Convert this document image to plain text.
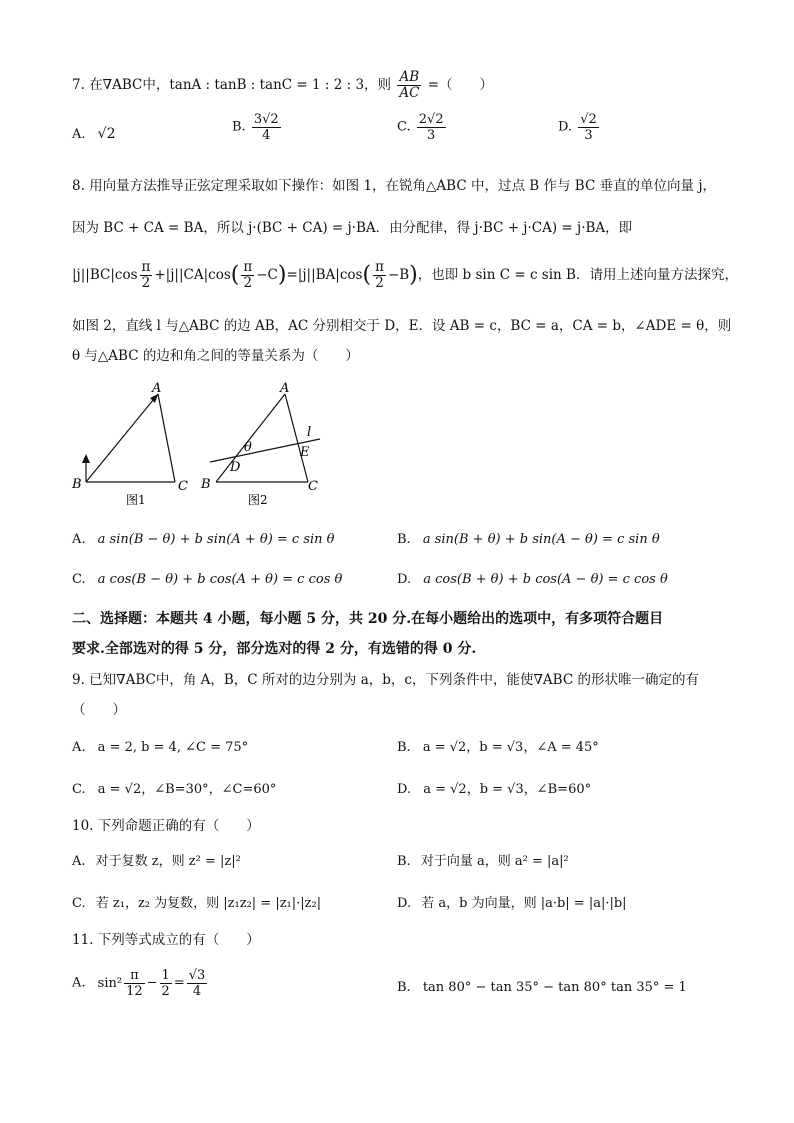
7. 在∇ABC中，tanA : tanB : tanC = 1 : 2 : 3，则 $\frac{AB}{AC}$ =（　　）
A. √2	B. $\frac{3√2}{4}$	C. $\frac{2√2}{3}$	D. $\frac{√2}{3}$
8. 用向量方法推导正弦定理采取如下操作：如图 1，在锐角△ABC 中，过点 B 作与 BC 垂直的单位向量 j，
因为 BC + CA = BA，所以 j·(BC + CA) = j·BA．由分配律，得 j·BC + j·CA) = j·BA，即
$|j||BC|\cos \frac{\pi}{2} +|j||CA|\cos( \frac{\pi}{2} -C)=|j||BA|\cos( \frac{\pi}{2} -B)$，也即 b sin C = c sin B．请用上述向量方法探究，
如图 2，直线 l 与△ABC 的边 AB，AC 分别相交于 D，E．设 AB = c，BC = a，CA = b，∠ADE = θ，则
θ 与△ABC 的边和角之间的等量关系为（　　）
A
B	C
图1
A
B	C
D
E
l
θ
图2
A. a sin(B − θ) + b sin(A + θ) = c sin θ	B. a sin(B + θ) + b sin(A − θ) = c sin θ
C. a cos(B − θ) + b cos(A + θ) = c cos θ	D. a cos(B + θ) + b cos(A − θ) = c cos θ
二、选择题：本题共 4 小题，每小题 5 分，共 20 分.在每小题给出的选项中，有多项符合题目
要求.全部选对的得 5 分，部分选对的得 2 分，有选错的得 0 分.
9. 已知∇ABC中，角 A，B，C 所对的边分别为 a，b，c，下列条件中，能使∇ABC 的形状唯一确定的有
（　　）
A. a = 2, b = 4, ∠C = 75°	B. a = √2，b = √3，∠A = 45°
C. a = √2，∠B=30°，∠C=60°	D. a = √2，b = √3，∠B=60°
10. 下列命题正确的有（　　）
A. 对于复数 z，则 z² = |z|²	B. 对于向量 a，则 a² = |a|²
C. 若 z₁，z₂ 为复数，则 |z₁z₂| = |z₁|·|z₂|	D. 若 a，b 为向量，则 |a·b| = |a|·|b|
11. 下列等式成立的有（　　）
A. $\sin^2 \frac{\pi}{12} - \frac{1}{2} = \frac{√3}{4}$	B. tan 80° − tan 35° − tan 80° tan 35° = 1
